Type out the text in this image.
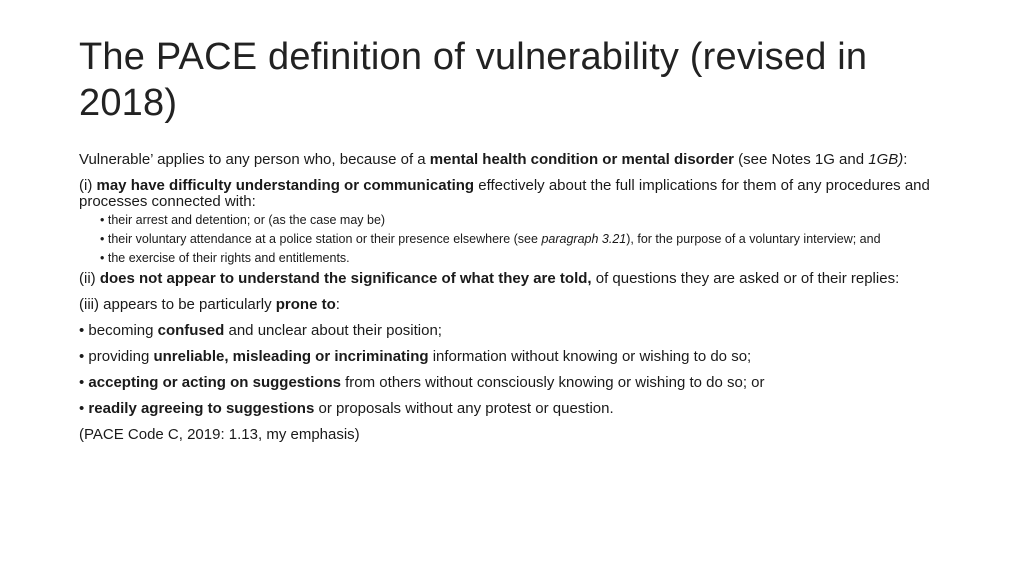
The PACE definition of vulnerability (revised in 2018)

Vulnerable’ applies to any person who, because of a mental health condition or mental disorder (see Notes 1G and 1GB):

(i) may have difficulty understanding or communicating effectively about the full implications for them of any procedures and processes connected with:

• their arrest and detention; or (as the case may be)

• their voluntary attendance at a police station or their presence elsewhere (see paragraph 3.21), for the purpose of a voluntary interview; and

• the exercise of their rights and entitlements.

(ii) does not appear to understand the significance of what they are told, of questions they are asked or of their replies:

(iii) appears to be particularly prone to:

• becoming confused and unclear about their position;

• providing unreliable, misleading or incriminating information without knowing or wishing to do so;

• accepting or acting on suggestions from others without consciously knowing or wishing to do so; or

• readily agreeing to suggestions or proposals without any protest or question.

(PACE Code C, 2019: 1.13, my emphasis)
